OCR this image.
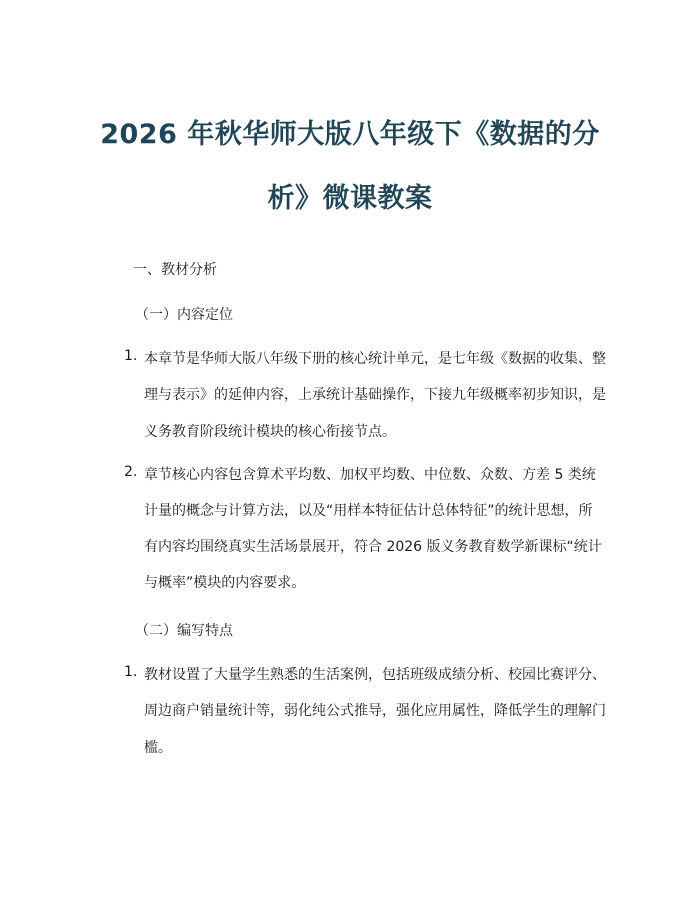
2026 年秋华师大版八年级下《数据的分
析》微课教案
一、教材分析
（一）内容定位
1. 本章节是华师大版八年级下册的核心统计单元，是七年级《数据的收集、整
理与表示》的延伸内容，上承统计基础操作，下接九年级概率初步知识，是
义务教育阶段统计模块的核心衔接节点。
2. 章节核心内容包含算术平均数、加权平均数、中位数、众数、方差 5 类统
计量的概念与计算方法，以及“用样本特征估计总体特征”的统计思想，所
有内容均围绕真实生活场景展开，符合 2026 版义务教育数学新课标“统计
与概率”模块的内容要求。
（二）编写特点
1. 教材设置了大量学生熟悉的生活案例，包括班级成绩分析、校园比赛评分、
周边商户销量统计等，弱化纯公式推导，强化应用属性，降低学生的理解门
槛。
